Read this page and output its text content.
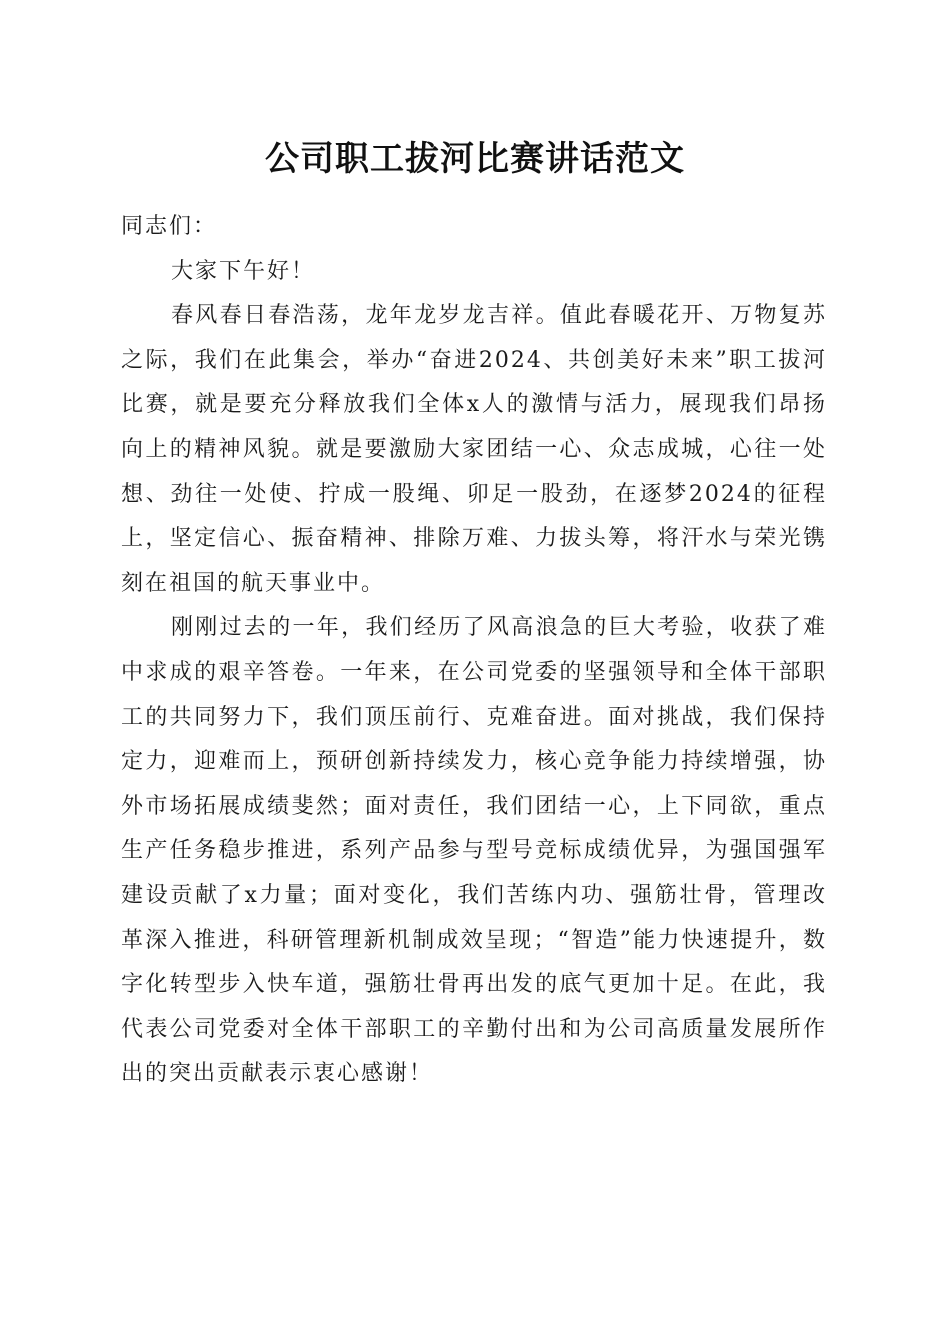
公司职工拔河比赛讲话范文

同志们：

大家下午好！

春风春日春浩荡，龙年龙岁龙吉祥。值此春暖花开、万物复苏之际，我们在此集会，举办“奋进2024、共创美好未来”职工拔河比赛，就是要充分释放我们全体x人的激情与活力，展现我们昂扬向上的精神风貌。就是要激励大家团结一心、众志成城，心往一处想、劲往一处使、拧成一股绳、卯足一股劲，在逐梦2024的征程上，坚定信心、振奋精神、排除万难、力拔头筹，将汗水与荣光镌刻在祖国的航天事业中。

刚刚过去的一年，我们经历了风高浪急的巨大考验，收获了难中求成的艰辛答卷。一年来，在公司党委的坚强领导和全体干部职工的共同努力下，我们顶压前行、克难奋进。面对挑战，我们保持定力，迎难而上，预研创新持续发力，核心竞争能力持续增强，协外市场拓展成绩斐然；面对责任，我们团结一心，上下同欲，重点生产任务稳步推进，系列产品参与型号竞标成绩优异，为强国强军建设贡献了x力量；面对变化，我们苦练内功、强筋壮骨，管理改革深入推进，科研管理新机制成效呈现；“智造”能力快速提升，数字化转型步入快车道，强筋壮骨再出发的底气更加十足。在此，我代表公司党委对全体干部职工的辛勤付出和为公司高质量发展所作出的突出贡献表示衷心感谢！
